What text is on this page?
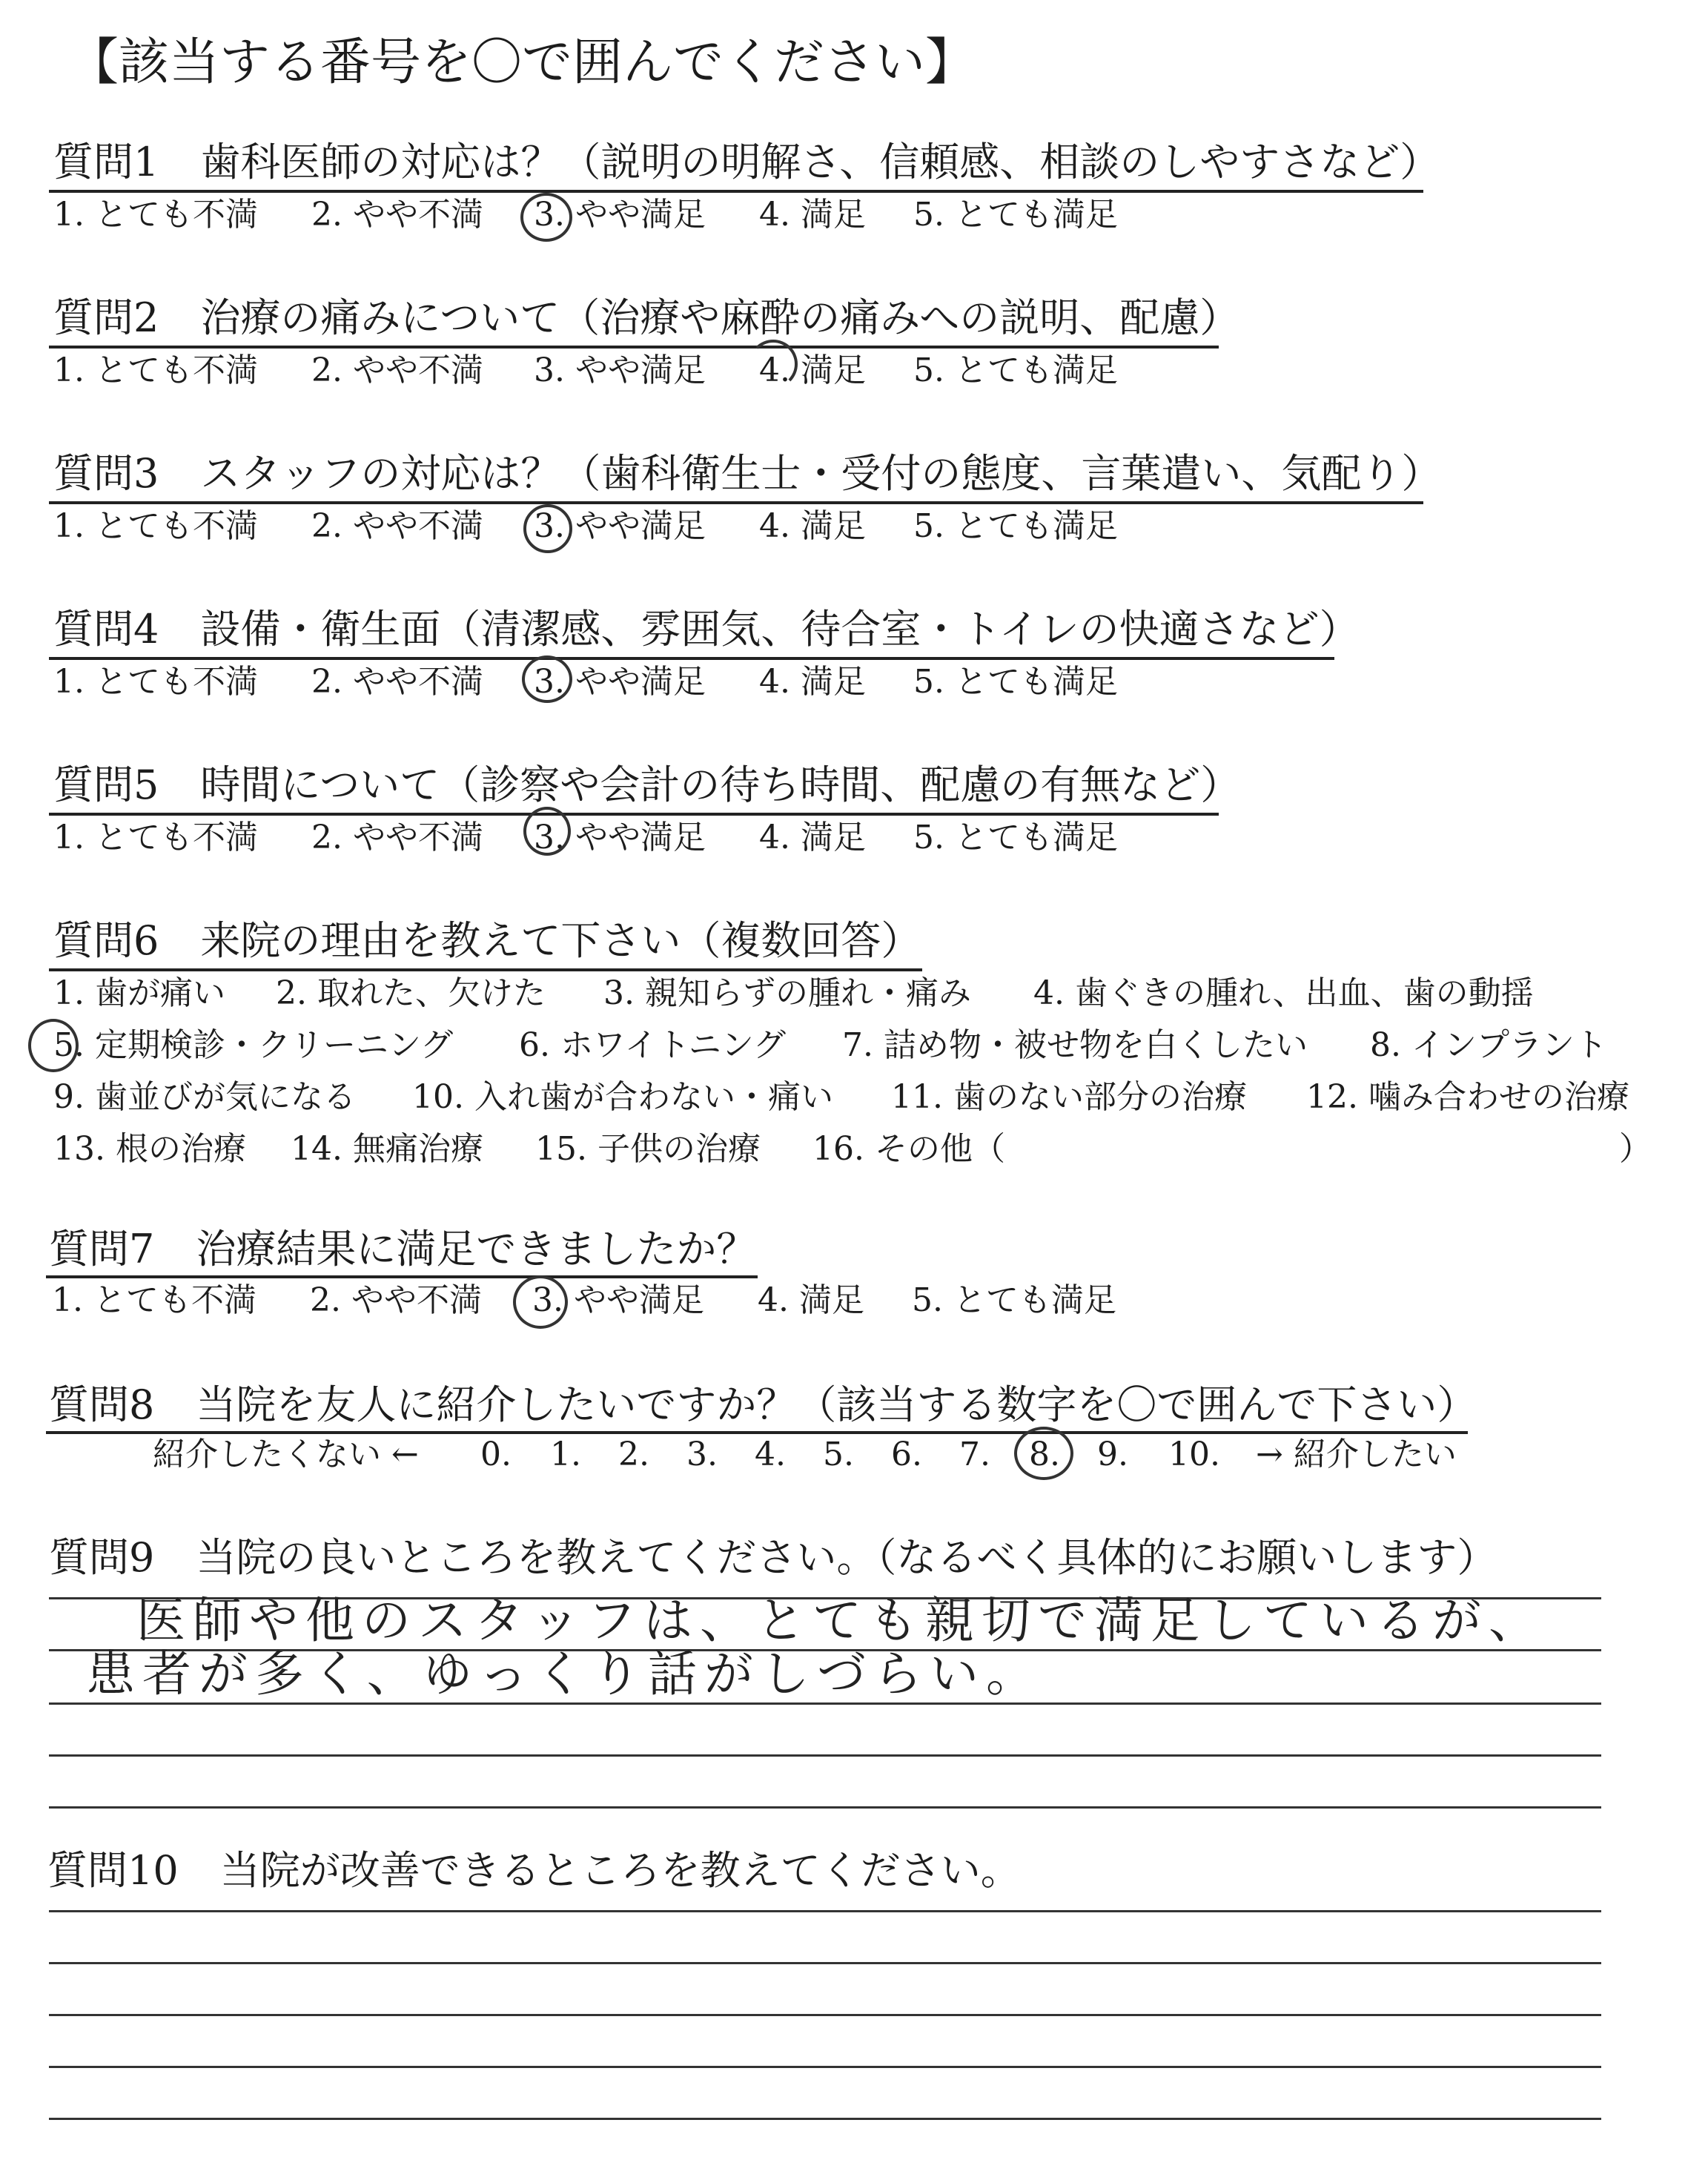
【該当する番号を〇で囲んでください】
質問1 歯科医師の対応は？（説明の明解さ、信頼感、相談のしやすさなど）
1. とても不満 2. やや不満 3. やや満足 4. 満足 5. とても満足
質問2 治療の痛みについて（治療や麻酔の痛みへの説明、配慮）
1. とても不満 2. やや不満 3. やや満足 4. 満足 5. とても満足
質問3 スタッフの対応は？（歯科衛生士・受付の態度、言葉遣い、気配り）
1. とても不満 2. やや不満 3. やや満足 4. 満足 5. とても満足
質問4 設備・衛生面（清潔感、雰囲気、待合室・トイレの快適さなど）
1. とても不満 2. やや不満 3. やや満足 4. 満足 5. とても満足
質問5 時間について（診察や会計の待ち時間、配慮の有無など）
1. とても不満 2. やや不満 3. やや満足 4. 満足 5. とても満足
質問6 来院の理由を教えて下さい（複数回答）
1. 歯が痛い 2. 取れた、欠けた 3. 親知らずの腫れ・痛み 4. 歯ぐきの腫れ、出血、歯の動揺
5. 定期検診・クリーニング 6. ホワイトニング 7. 詰め物・被せ物を白くしたい 8. インプラント
9. 歯並びが気になる 10. 入れ歯が合わない・痛い 11. 歯のない部分の治療 12. 噛み合わせの治療
13. 根の治療 14. 無痛治療 15. 子供の治療 16. その他（	）
質問7 治療結果に満足できましたか？
1. とても不満 2. やや不満 3. やや満足 4. 満足 5. とても満足
質問8 当院を友人に紹介したいですか？（該当する数字を〇で囲んで下さい）
紹介したくない ← 0. 1. 2. 3. 4. 5. 6. 7. 8. 9. 10. → 紹介したい
質問9 当院の良いところを教えてください。（なるべく具体的にお願いします）
医師や他のスタッフは、とても親切で満足しているが、
患者が多く、ゆっくり話がしづらい。
質問10 当院が改善できるところを教えてください。
